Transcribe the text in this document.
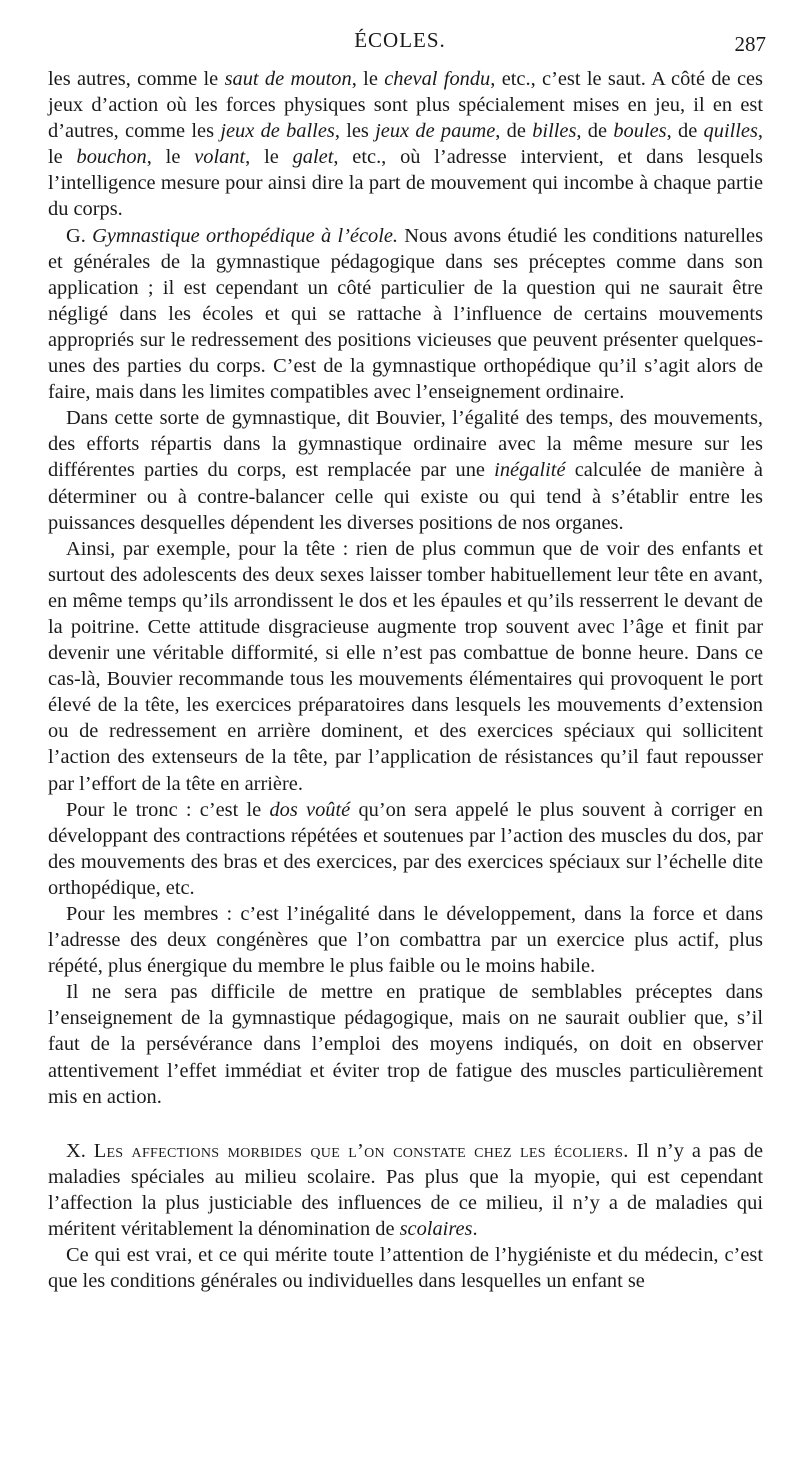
ÉCOLES.	287

les autres, comme le saut de mouton, le cheval fondu, etc., c’est le saut. A côté de ces jeux d’action où les forces physiques sont plus spécialement mises en jeu, il en est d’autres, comme les jeux de balles, les jeux de paume, de billes, de boules, de quilles, le bouchon, le volant, le galet, etc., où l’adresse intervient, et dans lesquels l’intelligence mesure pour ainsi dire la part de mouvement qui incombe à chaque partie du corps.

G. Gymnastique orthopédique à l’école. Nous avons étudié les conditions naturelles et générales de la gymnastique pédagogique dans ses préceptes comme dans son application ; il est cependant un côté particulier de la question qui ne saurait être négligé dans les écoles et qui se rattache à l’influence de certains mouvements appropriés sur le redressement des positions vicieuses que peuvent présenter quelques-unes des parties du corps. C’est de la gymnastique orthopédique qu’il s’agit alors de faire, mais dans les limites compatibles avec l’enseignement ordinaire.

Dans cette sorte de gymnastique, dit Bouvier, l’égalité des temps, des mouvements, des efforts répartis dans la gymnastique ordinaire avec la même mesure sur les différentes parties du corps, est remplacée par une inégalité calculée de manière à déterminer ou à contre-balancer celle qui existe ou qui tend à s’établir entre les puissances desquelles dépendent les diverses positions de nos organes.

Ainsi, par exemple, pour la tête : rien de plus commun que de voir des enfants et surtout des adolescents des deux sexes laisser tomber habituellement leur tête en avant, en même temps qu’ils arrondissent le dos et les épaules et qu’ils resserrent le devant de la poitrine. Cette attitude disgracieuse augmente trop souvent avec l’âge et finit par devenir une véritable difformité, si elle n’est pas combattue de bonne heure. Dans ce cas-là, Bouvier recommande tous les mouvements élémentaires qui provoquent le port élevé de la tête, les exercices préparatoires dans lesquels les mouvements d’extension ou de redressement en arrière dominent, et des exercices spéciaux qui sollicitent l’action des extenseurs de la tête, par l’application de résistances qu’il faut repousser par l’effort de la tête en arrière.

Pour le tronc : c’est le dos voûté qu’on sera appelé le plus souvent à corriger en développant des contractions répétées et soutenues par l’action des muscles du dos, par des mouvements des bras et des exercices, par des exercices spéciaux sur l’échelle dite orthopédique, etc.

Pour les membres : c’est l’inégalité dans le développement, dans la force et dans l’adresse des deux congénères que l’on combattra par un exercice plus actif, plus répété, plus énergique du membre le plus faible ou le moins habile.

Il ne sera pas difficile de mettre en pratique de semblables préceptes dans l’enseignement de la gymnastique pédagogique, mais on ne saurait oublier que, s’il faut de la persévérance dans l’emploi des moyens indiqués, on doit en observer attentivement l’effet immédiat et éviter trop de fatigue des muscles particulièrement mis en action.

X. Les affections morbides que l’on constate chez les écoliers. Il n’y a pas de maladies spéciales au milieu scolaire. Pas plus que la myopie, qui est cependant l’affection la plus justiciable des influences de ce milieu, il n’y a de maladies qui méritent véritablement la dénomination de scolaires.

Ce qui est vrai, et ce qui mérite toute l’attention de l’hygiéniste et du médecin, c’est que les conditions générales ou individuelles dans lesquelles un enfant se
